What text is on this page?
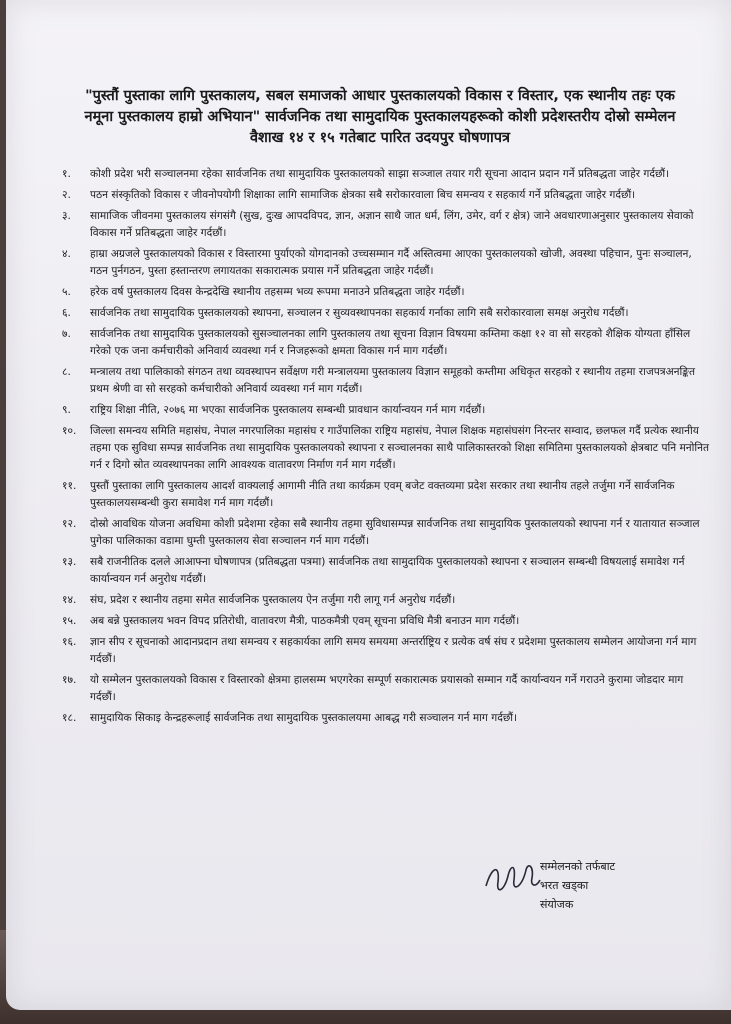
"पुस्तौं पुस्ताका लागि पुस्तकालय, सबल समाजको आधार पुस्तकालयको विकास र विस्तार, एक स्थानीय तहः एक
नमूना पुस्तकालय हाम्रो अभियान" सार्वजनिक तथा सामुदायिक पुस्तकालयहरूको कोशी प्रदेशस्तरीय दोस्रो सम्मेलन
वैशाख १४ र १५ गतेबाट पारित उदयपुर घोषणापत्र
१.	कोशी प्रदेश भरी सञ्चालनमा रहेका सार्वजनिक तथा सामुदायिक पुस्तकालयको साझा सञ्जाल तयार गरी सूचना आदान प्रदान गर्ने प्रतिबद्धता जाहेर गर्दछौं।
२.	पठन संस्कृतिको विकास र जीवनोपयोगी शिक्षाका लागि सामाजिक क्षेत्रका सबै सरोकारवाला बिच समन्वय र सहकार्य गर्ने प्रतिबद्धता जाहेर गर्दछौं।
३.	सामाजिक जीवनमा पुस्तकालय संगसंगै (सुख, दुःख आपदविपद, ज्ञान, अज्ञान साथै जात धर्म, लिंग, उमेर, वर्ग र क्षेत्र) जाने अवधारणाअनुसार पुस्तकालय सेवाको विकास गर्ने प्रतिबद्धता जाहेर गर्दछौं।
४.	हाम्रा अग्रजले पुस्तकालयको विकास र विस्तारमा पुर्याएको योगदानको उच्चसम्मान गर्दै अस्तित्वमा आएका पुस्तकालयको खोजी, अवस्था पहिचान, पुनः सञ्चालन, गठन पुर्नगठन, पुस्ता हस्तान्तरण लगायतका सकारात्मक प्रयास गर्ने प्रतिबद्धता जाहेर गर्दछौं।
५.	हरेक वर्ष पुस्तकालय दिवस केन्द्रदेखि स्थानीय तहसम्म भव्य रूपमा मनाउने प्रतिबद्धता जाहेर गर्दछौं।
६.	सार्वजनिक तथा सामुदायिक पुस्तकालयको स्थापना, सञ्चालन र सुव्यवस्थापनका सहकार्य गर्नाका लागि सबै सरोकारवाला समक्ष अनुरोध गर्दछौं।
७.	सार्वजनिक तथा सामुदायिक पुस्तकालयको सुसञ्चालनका लागि पुस्तकालय तथा सूचना विज्ञान विषयमा कम्तिमा कक्षा १२ वा सो सरहको शैक्षिक योग्यता हाँसिल गरेको एक जना कर्मचारीको अनिवार्य व्यवस्था गर्न र निजहरूको क्षमता विकास गर्न माग गर्दछौं।
८.	मन्त्रालय तथा पालिकाको संगठन तथा व्यवस्थापन सर्वेक्षण गरी मन्त्रालयमा पुस्तकालय विज्ञान समूहको कम्तीमा अधिकृत सरहको र स्थानीय तहमा राजपत्रअनङ्कित प्रथम श्रेणी वा सो सरहको कर्मचारीको अनिवार्य व्यवस्था गर्न माग गर्दछौं।
९.	राष्ट्रिय शिक्षा नीति, २०७६ मा भएका सार्वजनिक पुस्तकालय सम्बन्धी प्रावधान कार्यान्वयन गर्न माग गर्दछौं।
१०.	जिल्ला समन्वय समिति महासंघ, नेपाल नगरपालिका महासंघ र गाउँपालिका राष्ट्रिय महासंघ, नेपाल शिक्षक महासंघसंग निरन्तर सम्वाद, छलफल गर्दै प्रत्येक स्थानीय तहमा एक सुविधा सम्पन्न सार्वजनिक तथा सामुदायिक पुस्तकालयको स्थापना र सञ्चालनका साथै पालिकास्तरको शिक्षा समितिमा पुस्तकालयको क्षेत्रबाट पनि मनोनित गर्न र दिगो स्रोत व्यवस्थापनका लागि आवश्यक वातावरण निर्माण गर्न माग गर्दछौं।
११.	पुस्तौं पुस्ताका लागि पुस्तकालय आदर्श वाक्यलाई आगामी नीति तथा कार्यक्रम एवम् बजेट वक्तव्यमा प्रदेश सरकार तथा स्थानीय तहले तर्जुमा गर्ने सार्वजनिक पुस्तकालयसम्बन्धी कुरा समावेश गर्न माग गर्दछौं।
१२.	दोस्रो आवधिक योजना अवधिमा कोशी प्रदेशमा रहेका सबै स्थानीय तहमा सुविधासम्पन्न सार्वजनिक तथा सामुदायिक पुस्तकालयको स्थापना गर्न र यातायात सञ्जाल पुगेका पालिकाका वडामा घुम्ती पुस्तकालय सेवा सञ्चालन गर्न माग गर्दछौं।
१३.	सबै राजनीतिक दलले आआफ्ना घोषणापत्र (प्रतिबद्धता पत्रमा) सार्वजनिक तथा सामुदायिक पुस्तकालयको स्थापना र सञ्चालन सम्बन्धी विषयलाई समावेश गर्न कार्यान्वयन गर्न अनुरोध गर्दछौं।
१४.	संघ, प्रदेश र स्थानीय तहमा समेत सार्वजनिक पुस्तकालय ऐन तर्जुमा गरी लागू गर्न अनुरोध गर्दछौं।
१५.	अब बन्ने पुस्तकालय भवन विपद प्रतिरोधी, वातावरण मैत्री, पाठकमैत्री एवम् सूचना प्रविधि मैत्री बनाउन माग गर्दछौं।
१६.	ज्ञान सीप र सूचनाको आदानप्रदान तथा समन्वय र सहकार्यका लागि समय समयमा अन्तर्राष्ट्रिय र प्रत्येक वर्ष संघ र प्रदेशमा पुस्तकालय सम्मेलन आयोजना गर्न माग गर्दछौं।
१७.	यो सम्मेलन पुस्तकालयको विकास र विस्तारको क्षेत्रमा हालसम्म भएगरेका सम्पूर्ण सकारात्मक प्रयासको सम्मान गर्दै कार्यान्वयन गर्ने गराउने कुरामा जोडदार माग गर्दछौं।
१८.	सामुदायिक सिकाइ केन्द्रहरूलाई सार्वजनिक तथा सामुदायिक पुस्तकालयमा आबद्ध गरी सञ्चालन गर्न माग गर्दछौं।
सम्मेलनको तर्फबाट
भरत खड्का
संयोजक
